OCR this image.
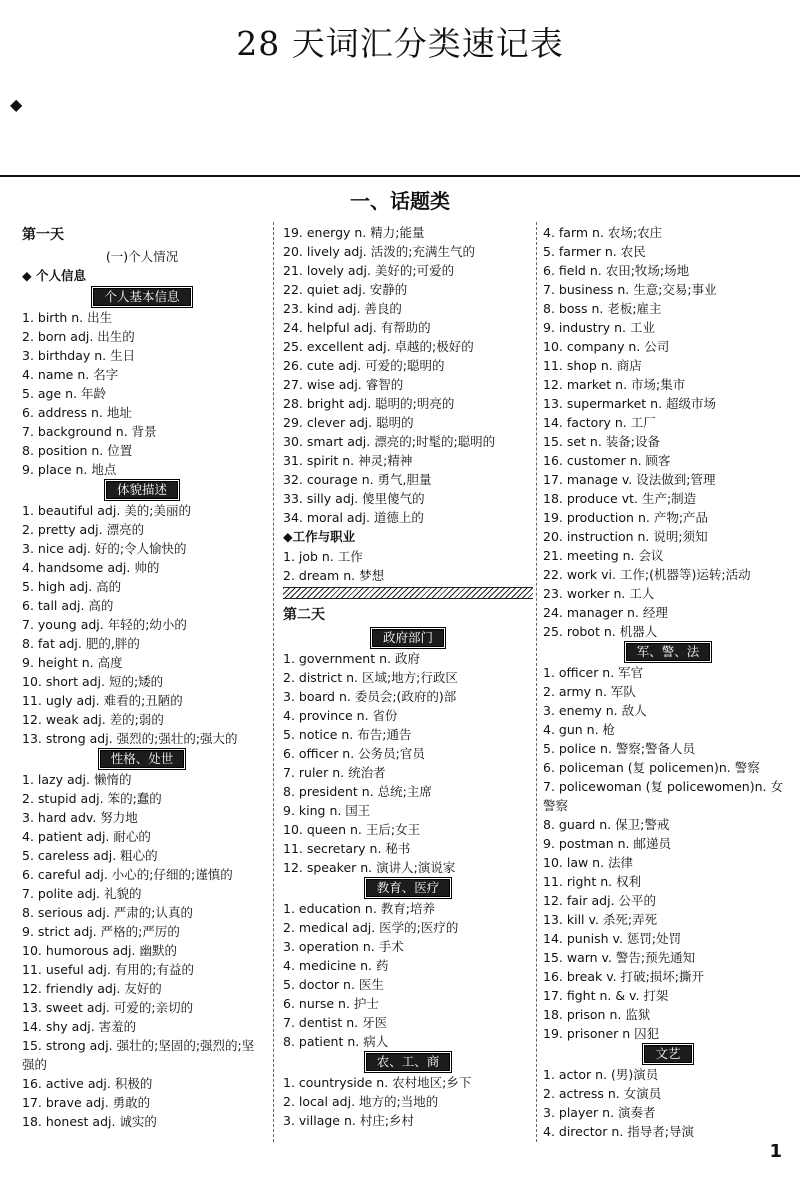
28 天词汇分类速记表
◆
一、话题类
第一天
(一)个人情况
◆ 个人信息
个人基本信息
1. birth n. 出生
2. born adj. 出生的
3. birthday n. 生日
4. name n. 名字
5. age n. 年龄
6. address n. 地址
7. background n. 背景
8. position n. 位置
9. place n. 地点
体貌描述
1. beautiful adj. 美的;美丽的
2. pretty adj. 漂亮的
3. nice adj. 好的;令人愉快的
4. handsome adj. 帅的
5. high adj. 高的
6. tall adj. 高的
7. young adj. 年轻的;幼小的
8. fat adj. 肥的,胖的
9. height n. 高度
10. short adj. 短的;矮的
11. ugly adj. 难看的;丑陋的
12. weak adj. 差的;弱的
13. strong adj. 强烈的;强壮的;强大的
性格、处世
1. lazy adj. 懒惰的
2. stupid adj. 笨的;蠢的
3. hard adv. 努力地
4. patient adj. 耐心的
5. careless adj. 粗心的
6. careful adj. 小心的;仔细的;谨慎的
7. polite adj. 礼貌的
8. serious adj. 严肃的;认真的
9. strict adj. 严格的;严厉的
10. humorous adj. 幽默的
11. useful adj. 有用的;有益的
12. friendly adj. 友好的
13. sweet adj. 可爱的;亲切的
14. shy adj. 害羞的
15. strong adj. 强壮的;坚固的;强烈的;坚强的
16. active adj. 积极的
17. brave adj. 勇敢的
18. honest adj. 诚实的
19. energy n. 精力;能量
20. lively adj. 活泼的;充满生气的
21. lovely adj. 美好的;可爱的
22. quiet adj. 安静的
23. kind adj. 善良的
24. helpful adj. 有帮助的
25. excellent adj. 卓越的;极好的
26. cute adj. 可爱的;聪明的
27. wise adj. 睿智的
28. bright adj. 聪明的;明亮的
29. clever adj. 聪明的
30. smart adj. 漂亮的;时髦的;聪明的
31. spirit n. 神灵;精神
32. courage n. 勇气,胆量
33. silly adj. 傻里傻气的
34. moral adj. 道德上的
◆工作与职业
1. job n. 工作
2. dream n. 梦想
第二天
政府部门
1. government n. 政府
2. district n. 区域;地方;行政区
3. board n. 委员会;(政府的)部
4. province n. 省份
5. notice n. 布告;通告
6. officer n. 公务员;官员
7. ruler n. 统治者
8. president n. 总统;主席
9. king n. 国王
10. queen n. 王后;女王
11. secretary n. 秘书
12. speaker n. 演讲人;演说家
教育、医疗
1. education n. 教育;培养
2. medical adj. 医学的;医疗的
3. operation n. 手术
4. medicine n. 药
5. doctor n. 医生
6. nurse n. 护士
7. dentist n. 牙医
8. patient n. 病人
农、工、商
1. countryside n. 农村地区;乡下
2. local adj. 地方的;当地的
3. village n. 村庄;乡村
4. farm n. 农场;农庄
5. farmer n. 农民
6. field n. 农田;牧场;场地
7. business n. 生意;交易;事业
8. boss n. 老板;雇主
9. industry n. 工业
10. company n. 公司
11. shop n. 商店
12. market n. 市场;集市
13. supermarket n. 超级市场
14. factory n. 工厂
15. set n. 装备;设备
16. customer n. 顾客
17. manage v. 设法做到;管理
18. produce vt. 生产;制造
19. production n. 产物;产品
20. instruction n. 说明;须知
21. meeting n. 会议
22. work vi. 工作;(机器等)运转;活动
23. worker n. 工人
24. manager n. 经理
25. robot n. 机器人
军、警、法
1. officer n. 军官
2. army n. 军队
3. enemy n. 敌人
4. gun n. 枪
5. police n. 警察;警备人员
6. policeman (复 policemen)n. 警察
7. policewoman (复 policewomen)n. 女警察
8. guard n. 保卫;警戒
9. postman n. 邮递员
10. law n. 法律
11. right n. 权利
12. fair adj. 公平的
13. kill v. 杀死;弄死
14. punish v. 惩罚;处罚
15. warn v. 警告;预先通知
16. break v. 打破;损坏;撕开
17. fight n. & v. 打架
18. prison n. 监狱
19. prisoner n 囚犯
文艺
1. actor n. (男)演员
2. actress n. 女演员
3. player n. 演奏者
4. director n. 指导者;导演
1
